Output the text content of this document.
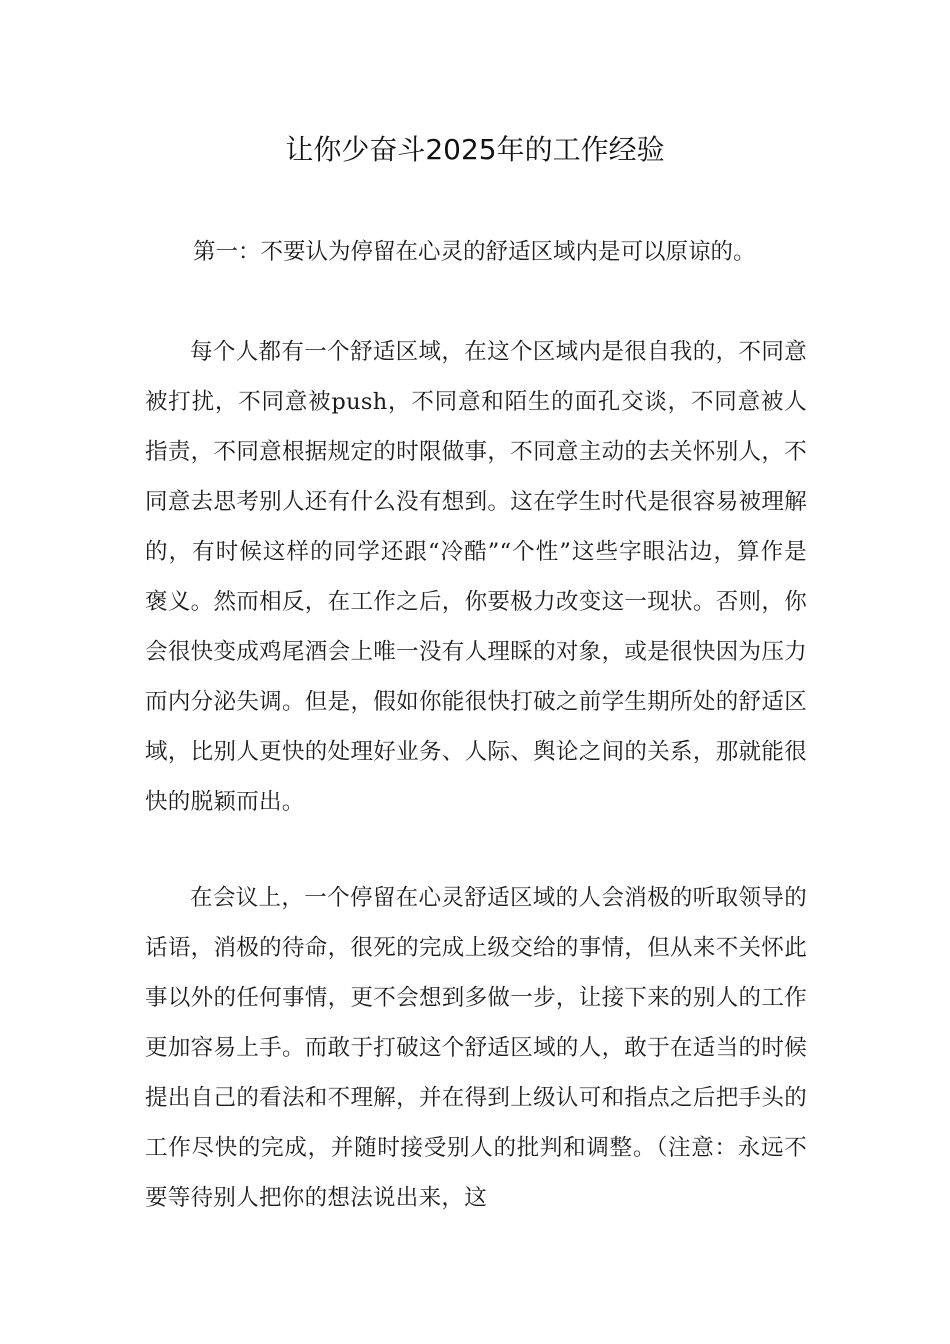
让你少奋斗2025年的工作经验

第一：不要认为停留在心灵的舒适区域内是可以原谅的。

每个人都有一个舒适区域，在这个区域内是很自我的，不同意被打扰，不同意被push，不同意和陌生的面孔交谈，不同意被人指责，不同意根据规定的时限做事，不同意主动的去关怀别人，不同意去思考别人还有什么没有想到。这在学生时代是很容易被理解的，有时候这样的同学还跟“冷酷”“个性”这些字眼沾边，算作是褒义。然而相反，在工作之后，你要极力改变这一现状。否则，你会很快变成鸡尾酒会上唯一没有人理睬的对象，或是很快因为压力而内分泌失调。但是，假如你能很快打破之前学生期所处的舒适区域，比别人更快的处理好业务、人际、舆论之间的关系，那就能很快的脱颖而出。

在会议上，一个停留在心灵舒适区域的人会消极的听取领导的话语，消极的待命，很死的完成上级交给的事情，但从来不关怀此事以外的任何事情，更不会想到多做一步，让接下来的别人的工作更加容易上手。而敢于打破这个舒适区域的人，敢于在适当的时候提出自己的看法和不理解，并在得到上级认可和指点之后把手头的工作尽快的完成，并随时接受别人的批判和调整。（注意：永远不要等待别人把你的想法说出来，这
